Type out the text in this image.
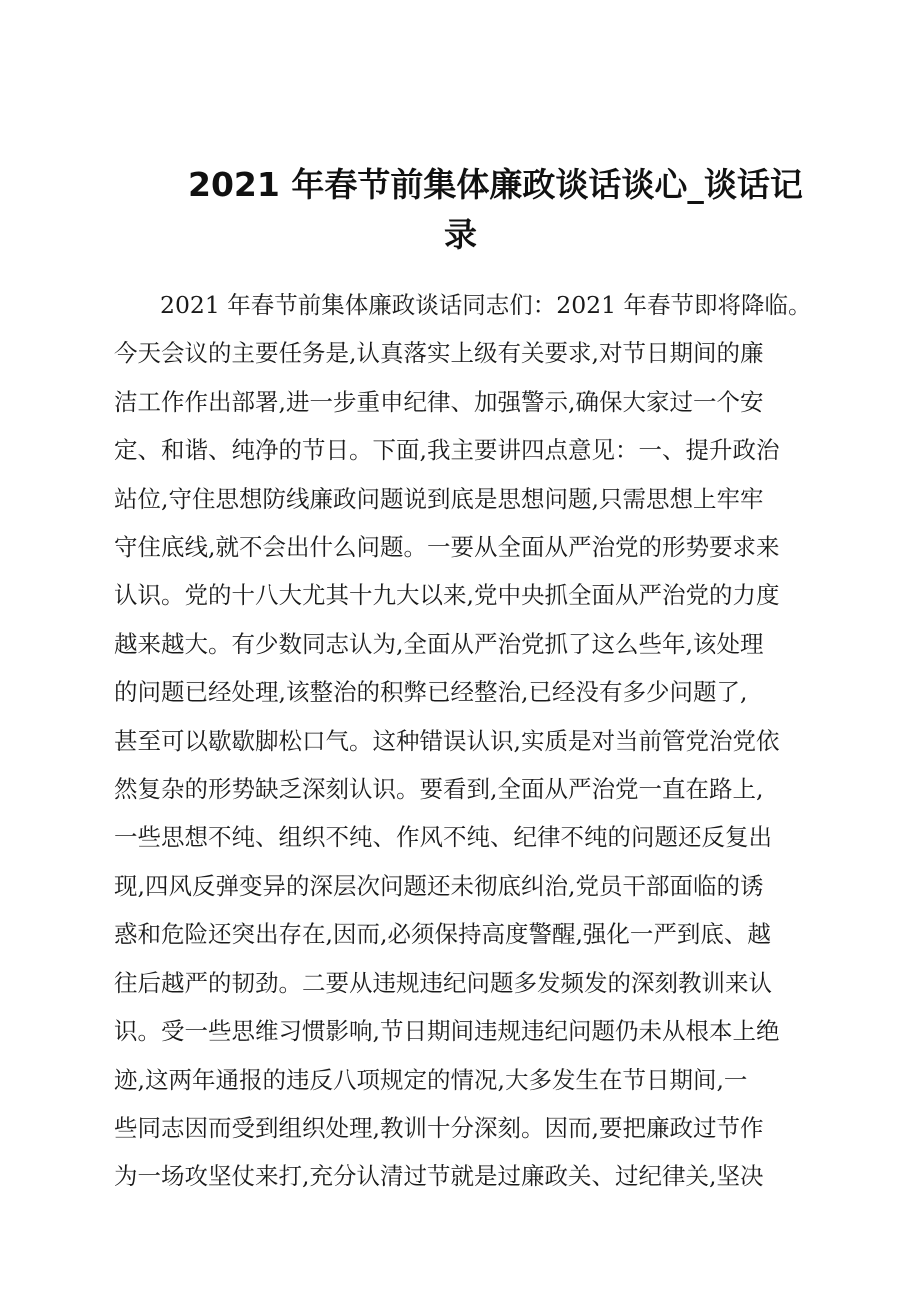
2021 年春节前集体廉政谈话谈心_谈话记
录
2021 年春节前集体廉政谈话同志们：2021 年春节即将降临。
今天会议的主要任务是,认真落实上级有关要求,对节日期间的廉
洁工作作出部署,进一步重申纪律、加强警示,确保大家过一个安
定、和谐、纯净的节日。下面,我主要讲四点意见：一、提升政治
站位,守住思想防线廉政问题说到底是思想问题,只需思想上牢牢
守住底线,就不会出什么问题。一要从全面从严治党的形势要求来
认识。党的十八大尤其十九大以来,党中央抓全面从严治党的力度
越来越大。有少数同志认为,全面从严治党抓了这么些年,该处理
的问题已经处理,该整治的积弊已经整治,已经没有多少问题了,
甚至可以歇歇脚松口气。这种错误认识,实质是对当前管党治党依
然复杂的形势缺乏深刻认识。要看到,全面从严治党一直在路上,
一些思想不纯、组织不纯、作风不纯、纪律不纯的问题还反复出
现,四风反弹变异的深层次问题还未彻底纠治,党员干部面临的诱
惑和危险还突出存在,因而,必须保持高度警醒,强化一严到底、越
往后越严的韧劲。二要从违规违纪问题多发频发的深刻教训来认
识。受一些思维习惯影响,节日期间违规违纪问题仍未从根本上绝
迹,这两年通报的违反八项规定的情况,大多发生在节日期间,一
些同志因而受到组织处理,教训十分深刻。因而,要把廉政过节作
为一场攻坚仗来打,充分认清过节就是过廉政关、过纪律关,坚决
